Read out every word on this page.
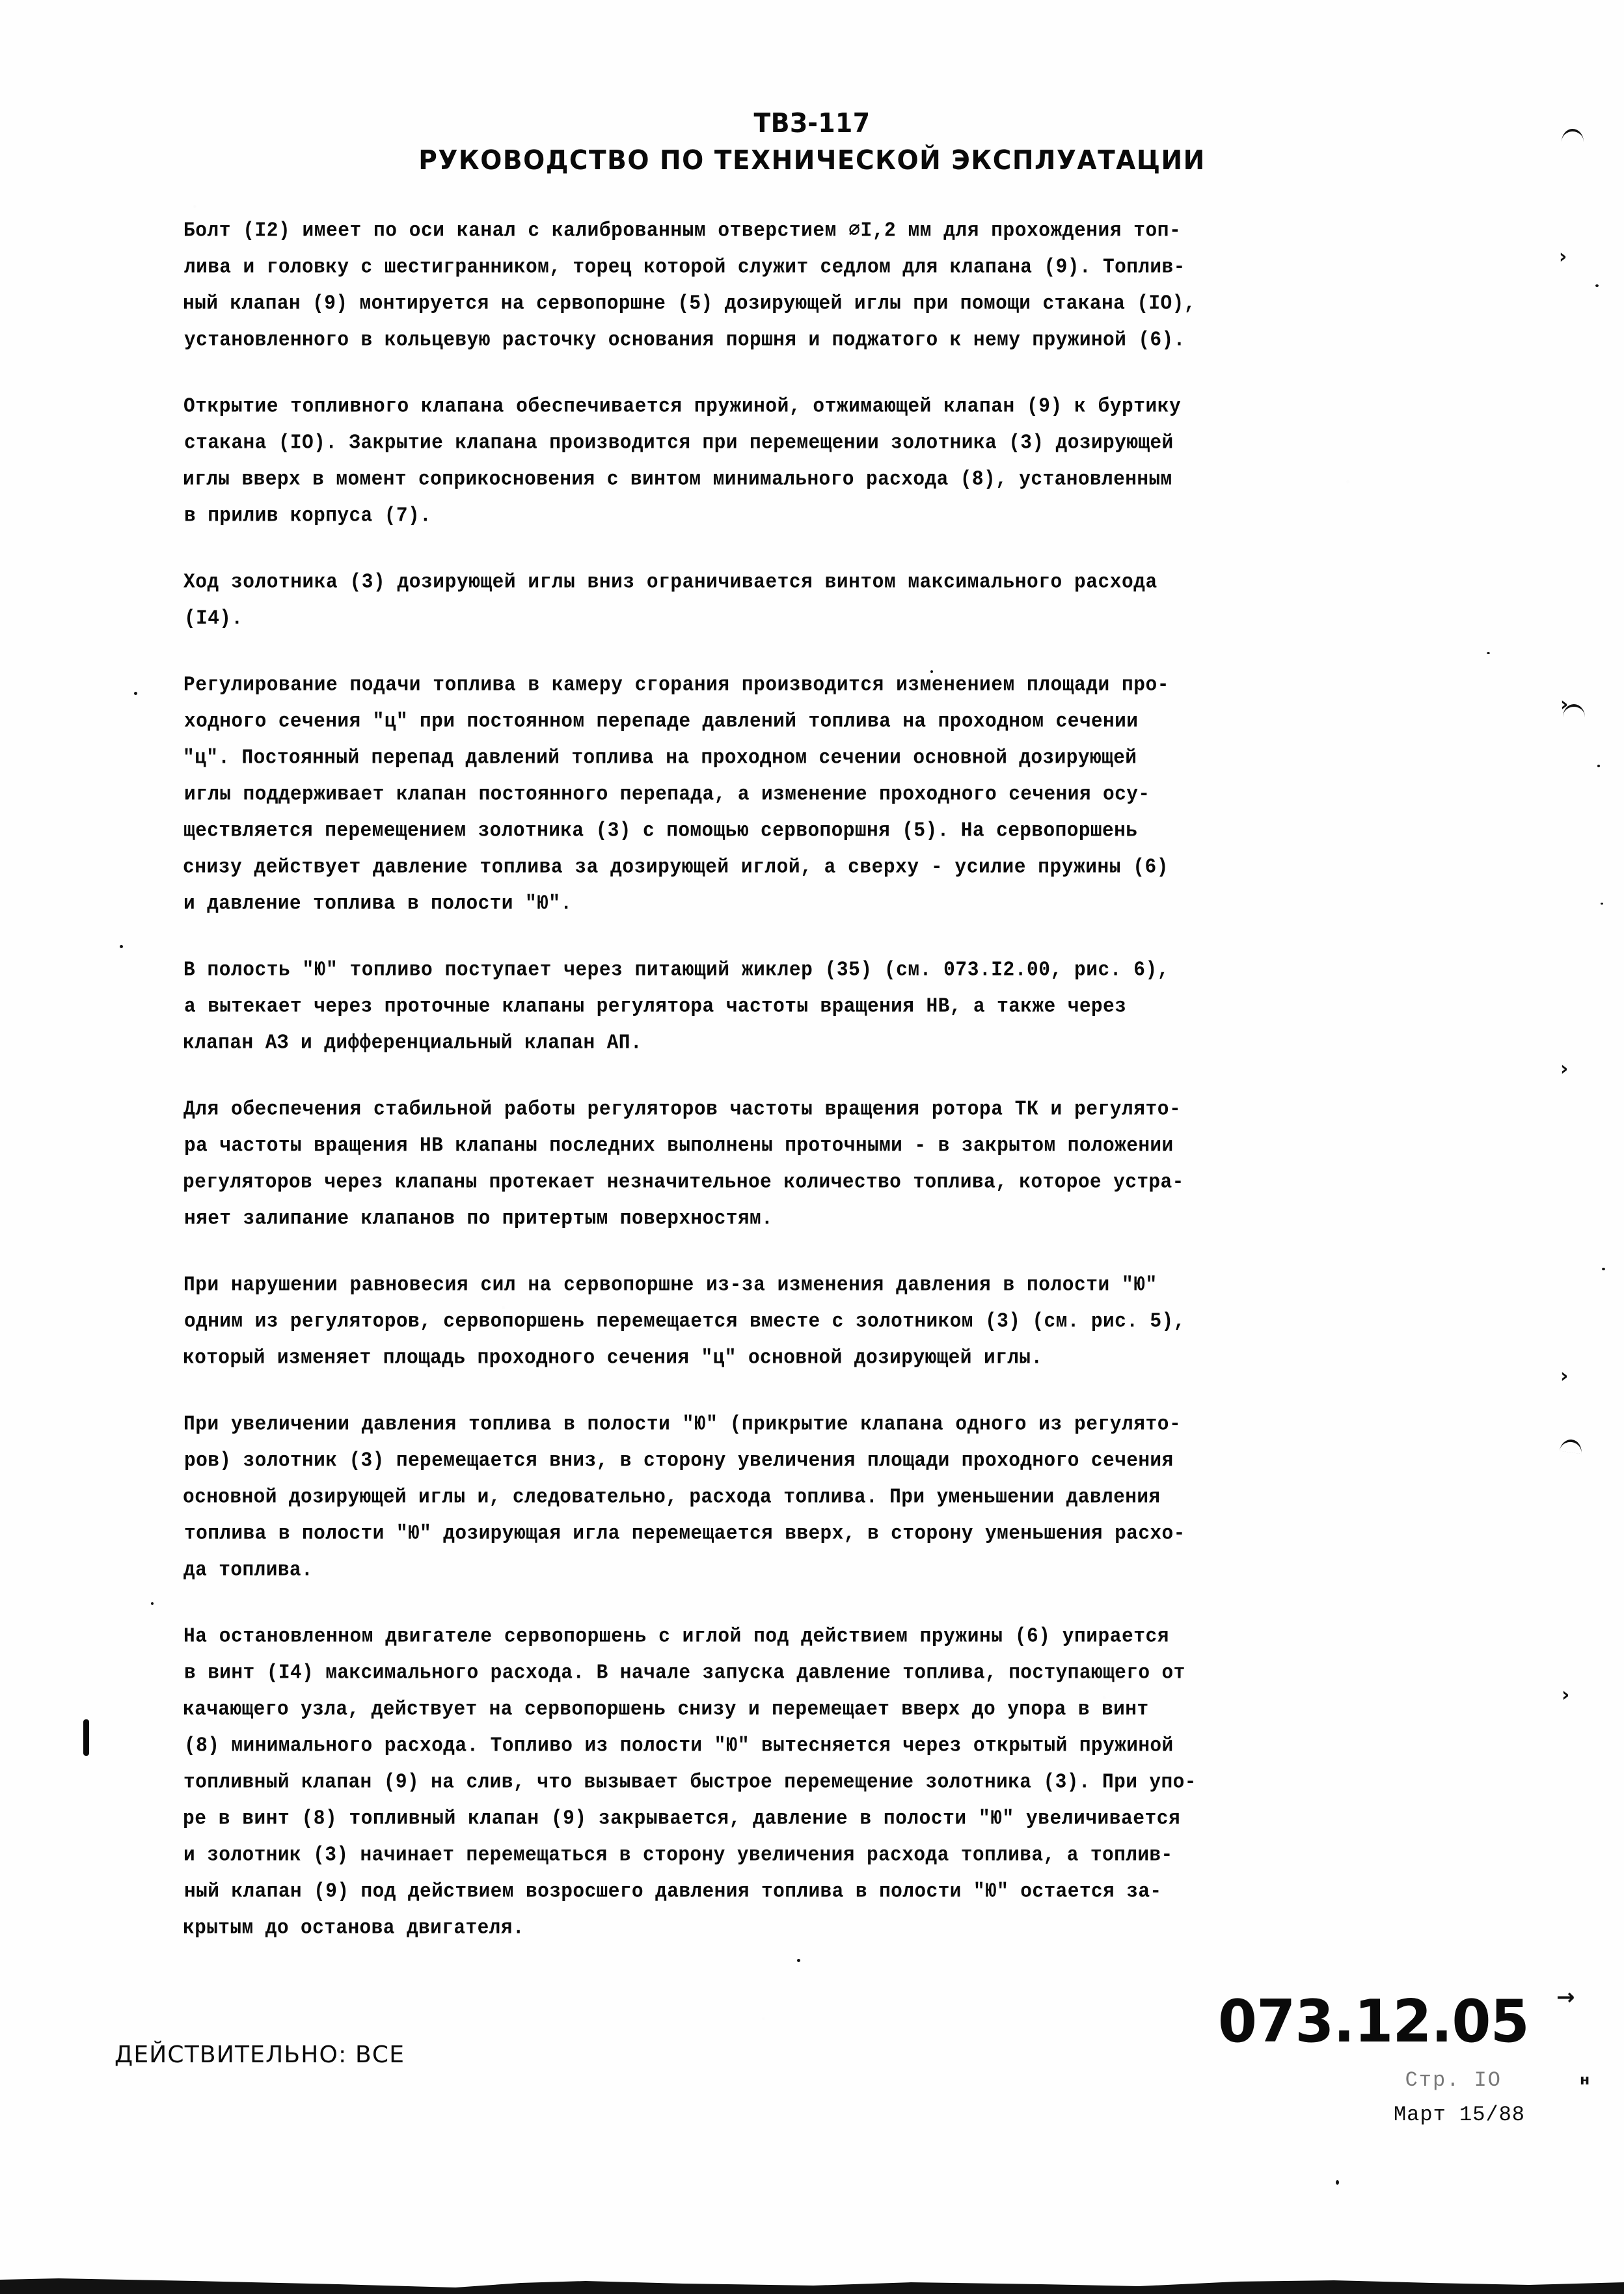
ТВЗ-117
РУКОВОДСТВО ПО ТЕХНИЧЕСКОЙ ЭКСПЛУАТАЦИИ
Болт (I2) имеет по оси канал с калиброванным отверстием ∅I,2 мм для прохождения топ-
лива и головку с шестигранником, торец которой служит седлом для клапана (9). Топлив-
ный клапан (9) монтируется на сервопоршне (5) дозирующей иглы при помощи стакана (IO),
установленного в кольцевую расточку основания поршня и поджатого к нему пружиной (6).
Открытие топливного клапана обеспечивается пружиной, отжимающей клапан (9) к буртику
стакана (IO). Закрытие клапана производится при перемещении золотника (3) дозирующей
иглы вверх в момент соприкосновения с винтом минимального расхода (8), установленным
в прилив корпуса (7).
Ход золотника (3) дозирующей иглы вниз ограничивается винтом максимального расхода
(I4).
Регулирование подачи топлива в камеру сгорания производится изменением площади про-
ходного сечения "ц" при постоянном перепаде давлений топлива на проходном сечении
"ц". Постоянный перепад давлений топлива на проходном сечении основной дозирующей
иглы поддерживает клапан постоянного перепада, а изменение проходного сечения осу-
ществляется перемещением золотника (3) с помощью сервопоршня (5). На сервопоршень
снизу действует давление топлива за дозирующей иглой, а сверху - усилие пружины (6)
и давление топлива в полости "Ю".
В полость "Ю" топливо поступает через питающий жиклер (35) (см. 073.I2.00, рис. 6),
а вытекает через проточные клапаны регулятора частоты вращения НВ, а также через
клапан АЗ и дифференциальный клапан АП.
Для обеспечения стабильной работы регуляторов частоты вращения ротора ТК и регулято-
ра частоты вращения НВ клапаны последних выполнены проточными - в закрытом положении
регуляторов через клапаны протекает незначительное количество топлива, которое устра-
няет залипание клапанов по притертым поверхностям.
При нарушении равновесия сил на сервопоршне из-за изменения давления в полости "Ю"
одним из регуляторов, сервопоршень перемещается вместе с золотником (3) (см. рис. 5),
который изменяет площадь проходного сечения "ц" основной дозирующей иглы.
При увеличении давления топлива в полости "Ю" (прикрытие клапана одного из регулято-
ров) золотник (3) перемещается вниз, в сторону увеличения площади проходного сечения
основной дозирующей иглы и, следовательно, расхода топлива. При уменьшении давления
топлива в полости "Ю" дозирующая игла перемещается вверх, в сторону уменьшения расхо-
да топлива.
На остановленном двигателе сервопоршень с иглой под действием пружины (6) упирается
в винт (I4) максимального расхода. В начале запуска давление топлива, поступающего от
качающего узла, действует на сервопоршень снизу и перемещает вверх до упора в винт
(8) минимального расхода. Топливо из полости "Ю" вытесняется через открытый пружиной
топливный клапан (9) на слив, что вызывает быстрое перемещение золотника (3). При упо-
ре в винт (8) топливный клапан (9) закрывается, давление в полости "Ю" увеличивается
и золотник (3) начинает перемещаться в сторону увеличения расхода топлива, а топлив-
ный клапан (9) под действием возросшего давления топлива в полости "Ю" остается за-
крытым до останова двигателя.
ДЕЙСТВИТЕЛЬНО: ВСЕ	073.12.05
Стр. IO
Март 15/88
›
›
›
›
›
→
н
